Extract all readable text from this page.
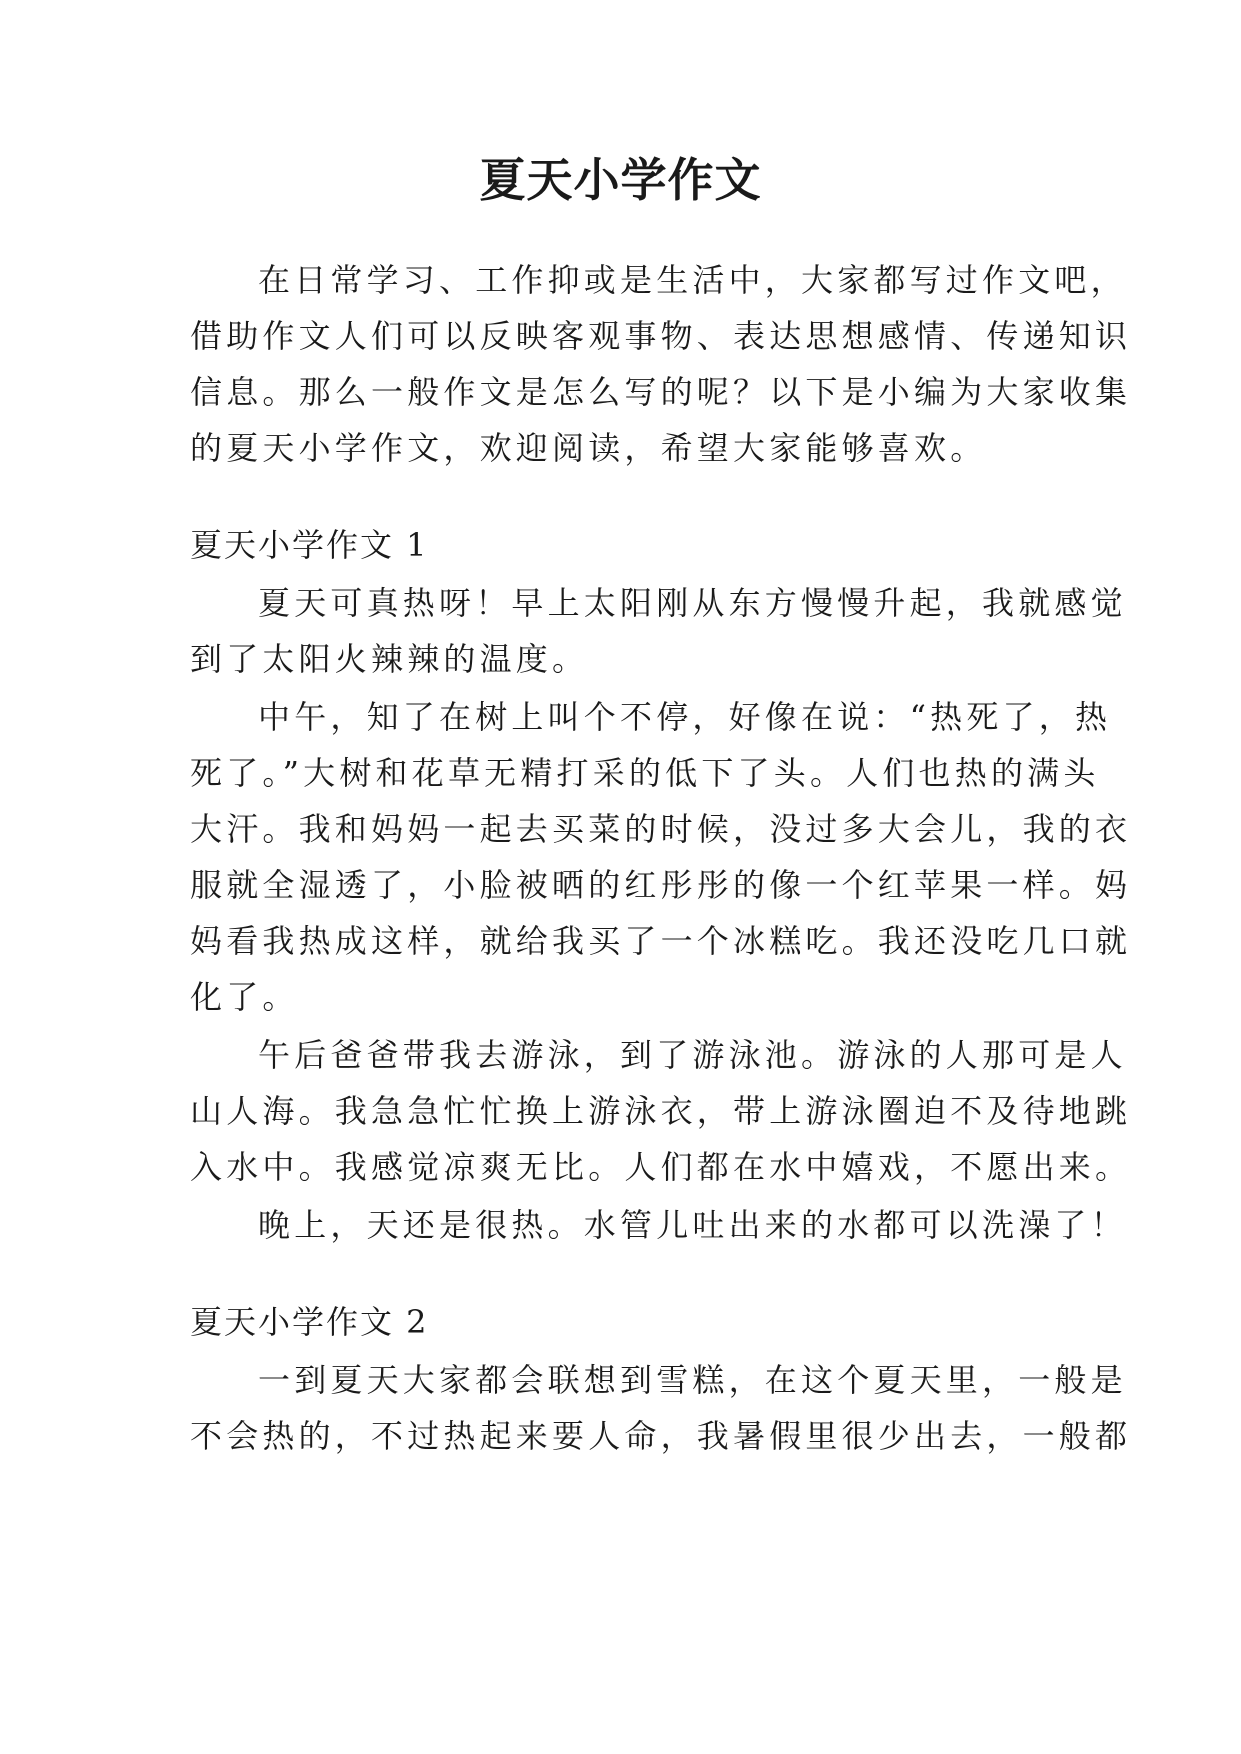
夏天小学作文
在日常学习、工作抑或是生活中，大家都写过作文吧，
借助作文人们可以反映客观事物、表达思想感情、传递知识
信息。那么一般作文是怎么写的呢？以下是小编为大家收集
的夏天小学作文，欢迎阅读，希望大家能够喜欢。
夏天小学作文 1
夏天可真热呀！早上太阳刚从东方慢慢升起，我就感觉
到了太阳火辣辣的温度。
中午，知了在树上叫个不停，好像在说：“热死了，热
死了。”大树和花草无精打采的低下了头。人们也热的满头
大汗。我和妈妈一起去买菜的时候，没过多大会儿，我的衣
服就全湿透了，小脸被晒的红彤彤的像一个红苹果一样。妈
妈看我热成这样，就给我买了一个冰糕吃。我还没吃几口就
化了。
午后爸爸带我去游泳，到了游泳池。游泳的人那可是人
山人海。我急急忙忙换上游泳衣，带上游泳圈迫不及待地跳
入水中。我感觉凉爽无比。人们都在水中嬉戏，不愿出来。
晚上，天还是很热。水管儿吐出来的水都可以洗澡了！
夏天小学作文 2
一到夏天大家都会联想到雪糕，在这个夏天里，一般是
不会热的，不过热起来要人命，我暑假里很少出去，一般都
